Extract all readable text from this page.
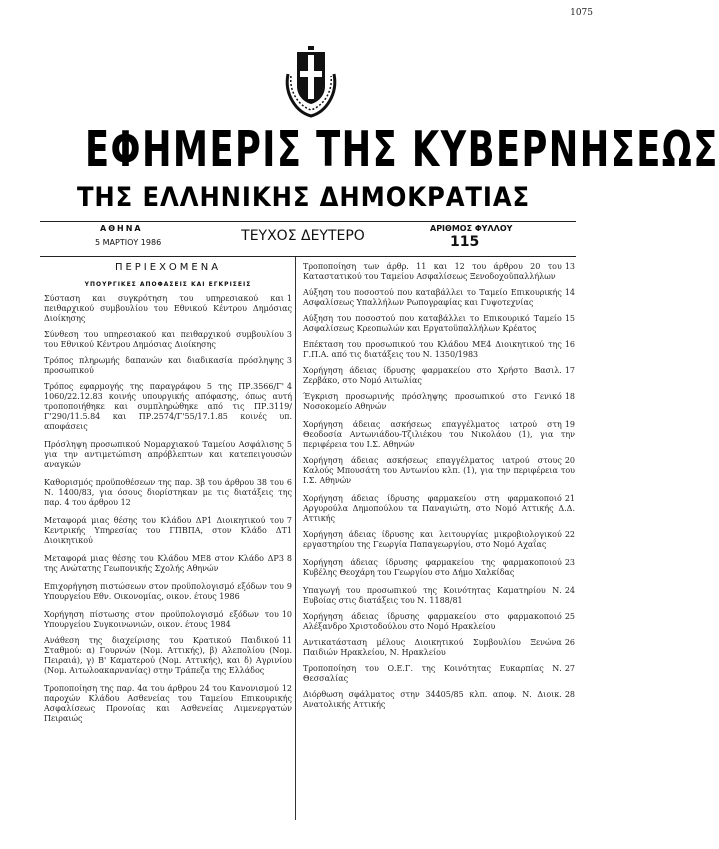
1075
ΕΦΗΜΕΡΙΣ ΤΗΣ ΚΥΒΕΡΝΗΣΕΩΣ
ΤΗΣ ΕΛΛΗΝΙΚΗΣ ΔΗΜΟΚΡΑΤΙΑΣ
ΑΘΗΝΑ
5 ΜΑΡΤΙΟΥ 1986	ΤΕΥΧΟΣ ΔΕΥΤΕΡΟ	ΑΡΙΘΜΟΣ ΦΥΛΛΟΥ
115
ΠΕΡΙΕΧΟΜΕΝΑ
ΥΠΟΥΡΓΙΚΕΣ ΑΠΟΦΑΣΕΙΣ ΚΑΙ ΕΓΚΡΙΣΕΙΣ
1
Σύσταση και συγκρότηση του υπηρεσιακού και πειθαρχικού συμβουλίου του Εθνικού Κέντρου Δημόσιας Διοίκησης
3
Σύνθεση του υπηρεσιακού και πειθαρχικού συμβουλίου του Εθνικού Κέντρου Δημόσιας Διοίκησης
3
Τρόπος πληρωμής δαπανών και διαδικασία πρόσληψης προσωπικού
4
Τρόπος εφαρμογής της παραγράφου 5 της ΠΡ.3566/Γ' 1060/22.12.83 κοινής υπουργικής απόφασης, όπως αυτή τροποποιήθηκε και συμπληρώθηκε από τις ΠΡ.3119/Γ'290/11.5.84 και ΠΡ.2574/Γ'55/17.1.85 κοινές υπ. αποφάσεις
5
Πρόσληψη προσωπικού Νομαρχιακού Ταμείου Ασφάλισης για την αντιμετώπιση απρόβλεπτων και κατεπειγουσών αναγκών
6
Καθορισμός προϋποθέσεων της παρ. 3β του άρθρου 38 του Ν. 1400/83, για όσους διορίστηκαν με τις διατάξεις της παρ. 4 του άρθρου 12
7
Μεταφορά μιας θέσης του Κλάδου ΔΡ1 Διοικητικού του Κεντρικής Υπηρεσίας του ΓΠΒΠΑ, στον Κλάδο ΔΤ1 Διοικητικού
8
Μεταφορά μιας θέσης του Κλάδου ΜΕ8 στον Κλάδο ΔΡ3 της Ανώτατης Γεωπονικής Σχολής Αθηνών
9
Επιχορήγηση πιστώσεων στον προϋπολογισμό εξόδων του Υπουργείου Εθν. Οικονομίας, οικον. έτους 1986
10
Χορήγηση πίστωσης στον προϋπολογισμό εξόδων του Υπουργείου Συγκοινωνιών, οικον. έτους 1984
11
Ανάθεση της διαχείρισης του Κρατικού Παιδικού Σταθμού: α) Γουρνών (Νομ. Αττικής), β) Αλεπολίου (Νομ. Πειραιά), γ) Β' Καματερού (Νομ. Αττικής), και δ) Αγρινίου (Νομ. Αιτωλοακαρνανίας) στην Τράπεζα της Ελλάδος
12
Τροποποίηση της παρ. 4α του άρθρου 24 του Κανονισμού παροχών Κλάδου Ασθενείας του Ταμείου Επικουρικής Ασφαλίσεως Προνοίας και Ασθενείας Λιμενεργατών Πειραιώς
13
Τροποποίηση των άρθρ. 11 και 12 του άρθρου 20 του Καταστατικού του Ταμείου Ασφαλίσεως Ξενοδοχοϋπαλλήλων
14
Αύξηση του ποσοστού που καταβάλλει το Ταμείο Επικουρικής Ασφαλίσεως Υπαλλήλων Ρωπογραφίας και Γυψοτεχνίας
15
Αύξηση του ποσοστού που καταβάλλει το Επικουρικό Ταμείο Ασφαλίσεως Κρεοπωλών και Εργατοϋπαλλήλων Κρέατος
16
Επέκταση του προσωπικού του Κλάδου ΜΕ4 Διοικητικού της Γ.Π.Α. από τις διατάξεις του Ν. 1350/1983
17
Χορήγηση άδειας ίδρυσης φαρμακείου στο Χρήστο Βασιλ. Ζερβάκο, στο Νομό Αιτωλίας
18
Έγκριση προσωρινής πρόσληψης προσωπικού στο Γενικό Νοσοκομείο Αθηνών
19
Χορήγηση άδειας ασκήσεως επαγγέλματος ιατρού στη Θεοδοσία Αντωνιάδου-Τζιλιέκου του Νικολάου (1), για την περιφέρεια του Ι.Σ. Αθηνών
20
Χορήγηση άδειας ασκήσεως επαγγέλματος ιατρού στους Καλούς Μπουσάτη του Αντωνίου κλπ. (1), για την περιφέρεια του Ι.Σ. Αθηνών
21
Χορήγηση άδειας ίδρυσης φαρμακείου στη φαρμακοποιό Αργυρούλα Δημοπούλου τα Παναγιώτη, στο Νομό Αττικής Δ.Δ. Αττικής
22
Χορήγηση άδειας ίδρυσης και λειτουργίας μικροβιολογικού εργαστηρίου της Γεωργία Παπαγεωργίου, στο Νομό Αχαΐας
23
Χορήγηση άδειας ίδρυσης φαρμακείου της φαρμακοποιού Κυβέλης Θεοχάρη του Γεωργίου στο Δήμο Χαλκίδας
24
Υπαγωγή του προσωπικού της Κοινότητας Καματηρίου Ν. Ευβοίας στις διατάξεις του Ν. 1188/81
25
Χορήγηση άδειας ίδρυσης φαρμακείου στο φαρμακοποιό Αλέξανδρο Χριστοδούλου στο Νομό Ηρακλείου
26
Αντικατάσταση μέλους Διοικητικού Συμβουλίου Ξενώνα Παιδιών Ηρακλείου, Ν. Ηρακλείου
27
Τροποποίηση του Ο.Ε.Γ. της Κοινότητας Ευκαρπίας Ν. Θεσσαλίας
28
Διόρθωση σφάλματος στην 34405/85 κλπ. αποφ. Ν. Διοικ. Ανατολικής Αττικής
